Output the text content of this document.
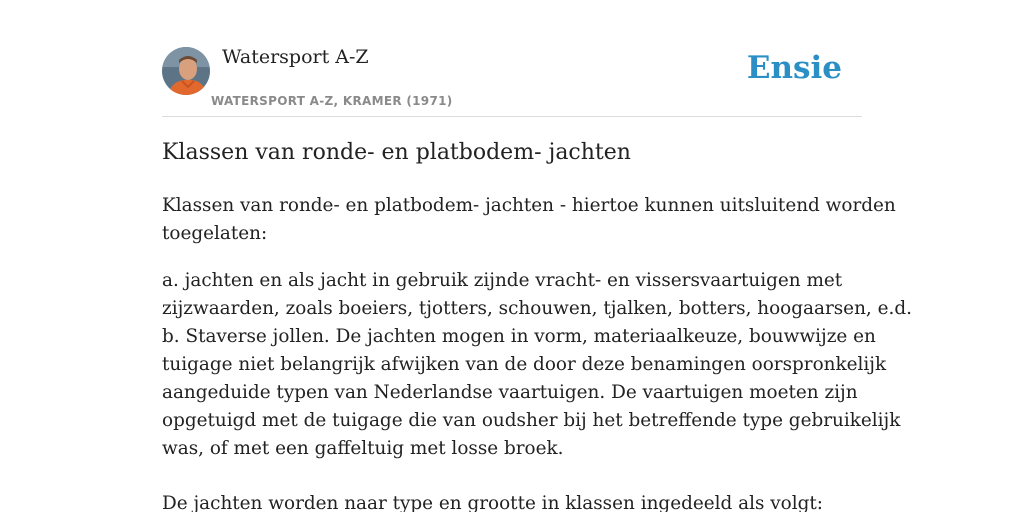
Watersport A-Z
WATERSPORT A-Z, KRAMER (1971)
Ensie
Klassen van ronde- en platbodem- jachten

Klassen van ronde- en platbodem- jachten - hiertoe kunnen uitsluitend worden
toegelaten:

a. jachten en als jacht in gebruik zijnde vracht- en vissersvaartuigen met
zijzwaarden, zoals boeiers, tjotters, schouwen, tjalken, botters, hoogaarsen, e.d.
b. Staverse jollen. De jachten mogen in vorm, materiaalkeuze, bouwwijze en
tuigage niet belangrijk afwijken van de door deze benamingen oorspronkelijk
aangeduide typen van Nederlandse vaartuigen. De vaartuigen moeten zijn
opgetuigd met de tuigage die van oudsher bij het betreffende type gebruikelijk
was, of met een gaffeltuig met losse broek.

De jachten worden naar type en grootte in klassen ingedeeld als volgt:
